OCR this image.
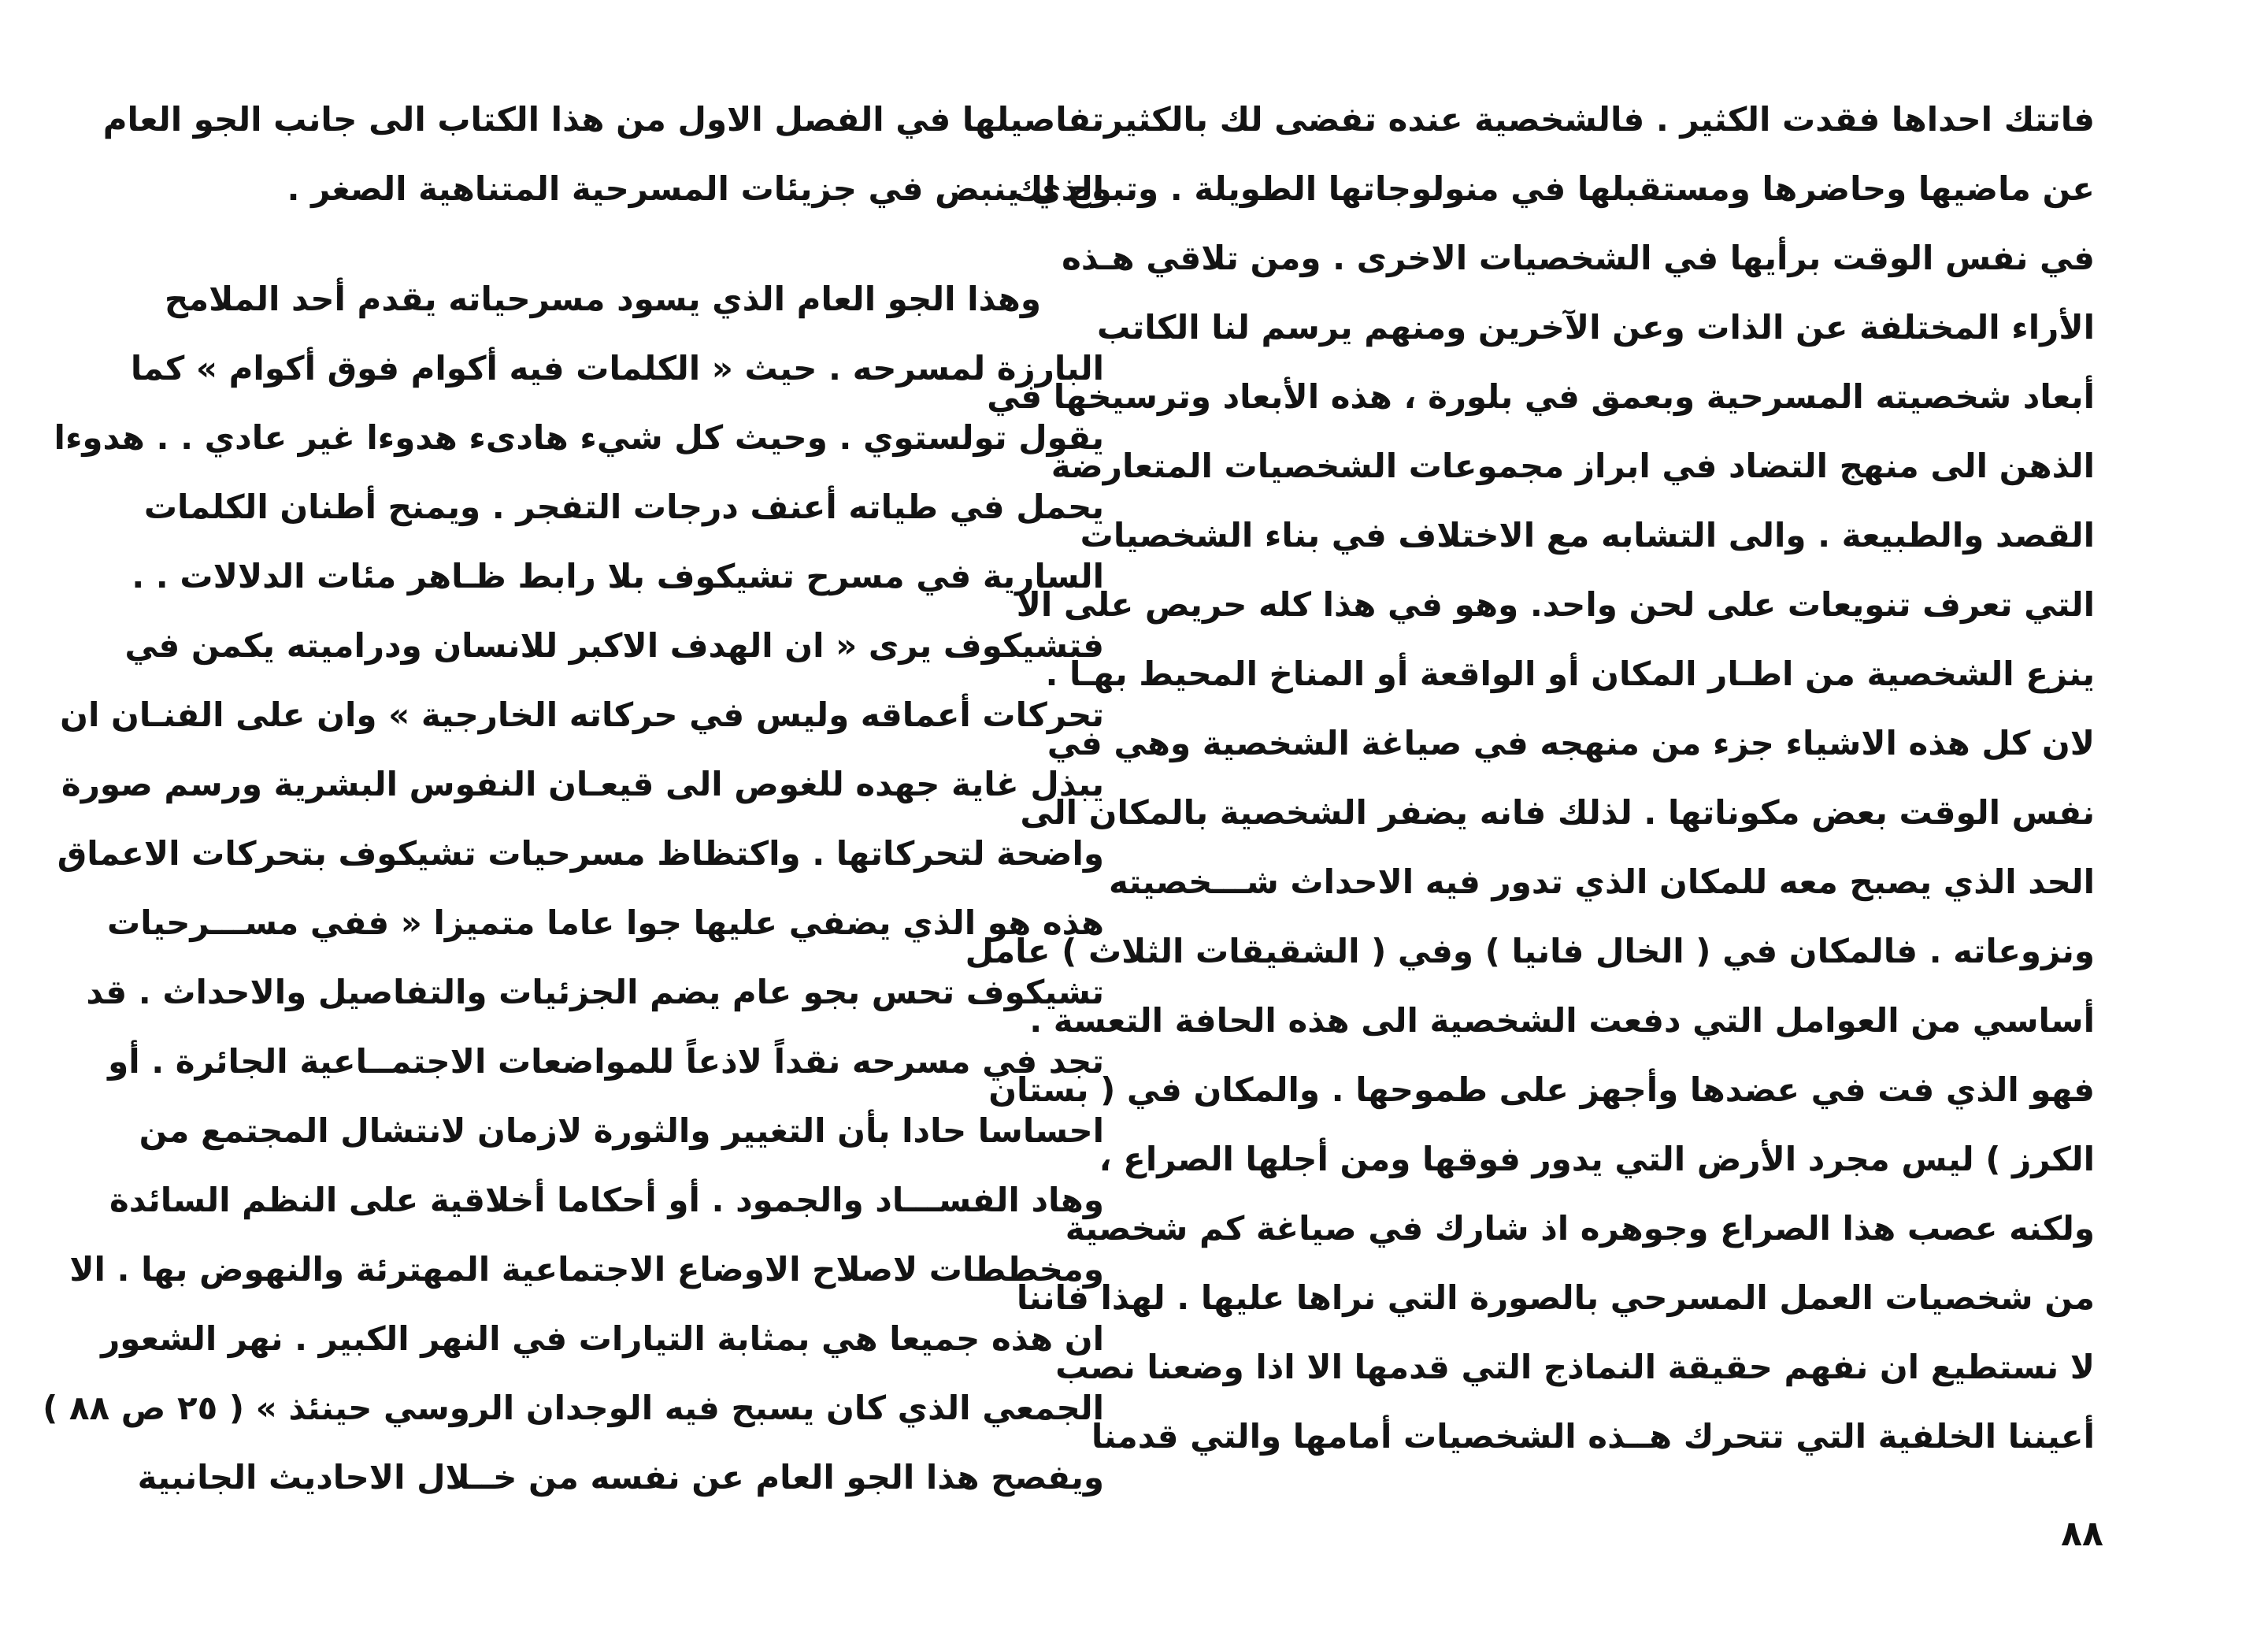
فاتتك احداها فقدت الكثير . فالشخصية عنده تفضى لك بالكثير
عن ماضيها وحاضرها ومستقبلها في منولوجاتها الطويلة . وتبوح لك
في نفس الوقت برأيها في الشخصيات الاخرى . ومن تلاقي هـذه
الأراء المختلفة عن الذات وعن الآخرين ومنهم يرسم لنا الكاتب
أبعاد شخصيته المسرحية وبعمق في بلورة ، هذه الأبعاد وترسيخها في
الذهن الى منهج التضاد في ابراز مجموعات الشخصيات المتعارضة
القصد والطبيعة . والى التشابه مع الاختلاف في بناء الشخصيات
التي تعرف تنويعات على لحن واحد. وهو في هذا كله حريص على الا
ينزع الشخصية من اطـار المكان أو الواقعة أو المناخ المحيط بهـا .
لان كل هذه الاشياء جزء من منهجه في صياغة الشخصية وهي في
نفس الوقت بعض مكوناتها . لذلك فانه يضفر الشخصية بالمكان الى
الحد الذي يصبح معه للمكان الذي تدور فيه الاحداث شـــخصيته
ونزوعاته . فالمكان في ( الخال فانيا ) وفي ( الشقيقات الثلاث ) عامل
أساسي من العوامل التي دفعت الشخصية الى هذه الحافة التعسة .
فهو الذي فت في عضدها وأجهز على طموحها . والمكان في ( بستان
الكرز ) ليس مجرد الأرض التي يدور فوقها ومن أجلها الصراع ،
ولكنه عصب هذا الصراع وجوهره اذ شارك في صياغة كم شخصية
من شخصيات العمل المسرحي بالصورة التي نراها عليها . لهذا فاننا
لا نستطيع ان نفهم حقيقة النماذج التي قدمها الا اذا وضعنا نصب
أعيننا الخلفية التي تتحرك هــذه الشخصيات أمامها والتي قدمنا

٨٨

تفاصيلها في الفصل الاول من هذا الكتاب الى جانب الجو العام
الذي ينبض في جزيئات المسرحية المتناهية الصغر .

وهذا الجو العام الذي يسود مسرحياته يقدم أحد الملامح
البارزة لمسرحه . حيث « الكلمات فيه أكوام فوق أكوام » كما
يقول تولستوي . وحيث كل شيء هادىء هدوءا غير عادي . . هدوءا
يحمل في طياته أعنف درجات التفجر . ويمنح أطنان الكلمات
السارية في مسرح تشيكوف بلا رابط ظـاهر مئات الدلالات . .
فتشيكوف يرى « ان الهدف الاكبر للانسان ودراميته يكمن في
تحركات أعماقه وليس في حركاته الخارجية » وان على الفنـان ان
يبذل غاية جهده للغوص الى قيعـان النفوس البشرية ورسم صورة
واضحة لتحركاتها . واكتظاظ مسرحيات تشيكوف بتحركات الاعماق
هذه هو الذي يضفي عليها جوا عاما متميزا « ففي مســـرحيات
تشيكوف تحس بجو عام يضم الجزئيات والتفاصيل والاحداث . قد
تجد في مسرحه نقداً لاذعاً للمواضعات الاجتمــاعية الجائرة . أو
احساسا حادا بأن التغيير والثورة لازمان لانتشال المجتمع من
وهاد الفســـاد والجمود . أو أحكاما أخلاقية على النظم السائدة
ومخططات لاصلاح الاوضاع الاجتماعية المهترئة والنهوض بها . الا
ان هذه جميعا هي بمثابة التيارات في النهر الكبير . نهر الشعور
الجمعي الذي كان يسبح فيه الوجدان الروسي حينئذ » ( ٢٥ ص ٨٨ )
ويفصح هذا الجو العام عن نفسه من خــلال الاحاديث الجانبية
